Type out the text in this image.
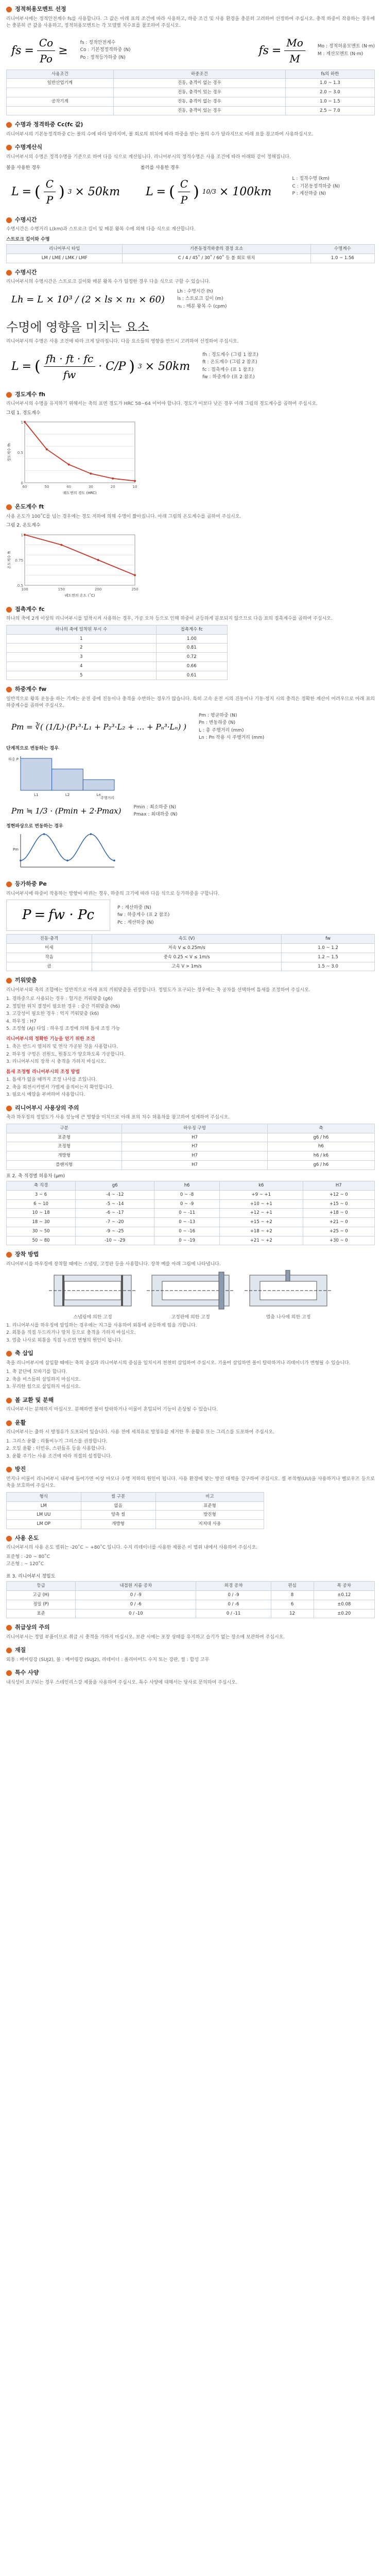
정적허용모멘트 선정
리니어부시에는 정적안전계수 fs를 사용합니다. 그 값은 아래 표의 조건에 따라 사용하고, 하중 조건 및 사용 환경을 충분히 고려하여 선정하여 주십시오. 충격 하중이 작용하는 경우에는 충분히 큰 값을 사용하고, 정적허용모멘트는 각 모델별 치수표를 참조하여 주십시오.
fs = $\frac{Co}{Po}$ ≥
fs : 정적안전계수
Co : 기본정정격하중 (N)
Po : 정적등가하중 (N)
fs = $\frac{Mo}{M}$	Mo : 정적허용모멘트 (N·m)
M : 계산모멘트 (N·m)
사용조건	하중조건	fs의 하한
일반산업기계	진동, 충격이 없는 경우	1.0 ~ 1.3
	진동, 충격이 있는 경우	2.0 ~ 3.0
공작기계	진동, 충격이 없는 경우	1.0 ~ 1.5
	진동, 충격이 있는 경우	2.5 ~ 7.0
수명과 정격하중 Cc(fc 값)
리니어부시의 기본동정격하중 C는 볼의 수에 따라 달라지며, 볼 회로의 위치에 따라 하중을 받는 볼의 수가 달라지므로 아래 표를 참고하여 사용하십시오.
수명계산식
리니어부시의 수명은 정격수명을 기준으로 하여 다음 식으로 계산됩니다. 리니어부시의 정격수명은 사용 조건에 따라 아래와 같이 정해집니다.
볼을 사용한 경우
L = ( $\frac{C}{P}$ ) 3 × 50km
롤러를 사용한 경우
L = ( $\frac{C}{P}$ ) 10/3 × 100km
L : 정격수명 (km)
C : 기본동정격하중 (N)
P : 계산하중 (N)
수명시간
수명시간은 수명거리 L(km)과 스트로크 길이 및 매분 왕복 수에 의해 다음 식으로 계산합니다.
스트로크 길이와 수명
리니어부시 타입	기본동정격하중의 결정 요소	수명계수
LM / LME / LMK / LMF	C / 4 / 45˚ / 30˚ / 60˚ 등 볼 회로 위치	1.0 ~ 1.56
수명시간
리니어부시의 수명시간은 스트로크 길이와 매분 왕복 수가 일정한 경우 다음 식으로 구할 수 있습니다.
Lh = L × 10³ / (2 × ls × n₁ × 60)
Lh : 수명시간 (h)
ls : 스트로크 길이 (m)
n₁ : 매분 왕복 수 (cpm)
수명에 영향을 미치는 요소
리니어부시의 수명은 사용 조건에 따라 크게 달라집니다. 다음 요소들의 영향을 반드시 고려하여 선정하여 주십시오.
L = ( $\frac{fh \cdot ft \cdot fc}{fw} \cdot C/P$ ) 3 × 50km
fh : 경도계수 (그림 1 참조)
ft : 온도계수 (그림 2 참조)
fc : 접촉계수 (표 1 참조)
fw : 하중계수 (표 2 참조)
경도계수 fh
리니어부시의 수명을 유지하기 위해서는 축의 표면 경도가 HRC 58~64 이어야 합니다. 경도가 이보다 낮은 경우 아래 그림의 경도계수를 곱하여 주십시오.
그림 1. 경도계수
60	50	40	30	20	10
0
0.5
1
궤도면의 경도 (HRC)
경도계수 fh
온도계수 ft
사용 온도가 100˚C를 넘는 경우에는 경도 저하에 의해 수명이 짧아집니다. 아래 그림의 온도계수를 곱하여 주십시오.
그림 2. 온도계수
100	150	200	250
0.5
0.75
1
궤도면의 온도 (˚C)
온도계수 ft
접촉계수 fc
하나의 축에 2개 이상의 리니어부시를 밀착시켜 사용하는 경우, 가공 오차 등으로 인해 하중이 균등하게 분포되지 않으므로 다음 표의 접촉계수를 곱하여 주십시오.
하나의 축에 밀착된 부시 수	접촉계수 fc
1	1.00
2	0.81
3	0.72
4	0.66
5	0.61
하중계수 fw
일반적으로 왕복 운동을 하는 기계는 운전 중에 진동이나 충격을 수반하는 경우가 많습니다. 특히 고속 운전 시의 진동이나 기동·정지 시의 충격은 정확한 계산이 어려우므로 아래 표의 하중계수를 곱하여 주십시오.
Pm = ∛( (1/L)·(P₁³·L₁ + P₂³·L₂ + … + Pₙ³·Lₙ) )
Pm : 평균하중 (N)
Pn : 변동하중 (N)
L : 총 주행거리 (mm)
Ln : Pn 작용 시 주행거리 (mm)
단계적으로 변동하는 경우
L1	L2	Ln
하중 P
주행거리
Pm ≒ 1/3 · (Pmin + 2·Pmax)	Pmin : 최소하중 (N)
Pmax : 최대하중 (N)
정현파상으로 변동하는 경우
Pm
등가하중 Pe
리니어부시에 하중이 작용하는 방향이 바뀌는 경우, 하중의 크기에 따라 다음 식으로 등가하중을 구합니다.
P = fw · Pc	P : 계산하중 (N)
fw : 하중계수 (표 2 참조)
Pc : 계산하중 (N)
진동·충격	속도 (V)	fw
미세	저속 V ≤ 0.25m/s	1.0 ~ 1.2
작음	중속 0.25 < V ≤ 1m/s	1.2 ~ 1.5
큼	고속 V > 1m/s	1.5 ~ 3.0
끼워맞춤
리니어부시와 축의 조합에는 일반적으로 아래 표의 끼워맞춤을 권장합니다. 정밀도가 요구되는 경우에는 축 공차를 선택하여 틈새를 조정하여 주십시오.
1. 경하중으로 사용되는 경우 : 헐거운 끼워맞춤 (g6)
2. 정밀한 위치 결정이 필요한 경우 : 중간 끼워맞춤 (h6)
3. 고강성이 필요한 경우 : 억지 끼워맞춤 (k6)
4. 하우징 : H7
5. 조정형 (AJ) 타입 : 하우징 조정에 의해 틈새 조정 가능
리니어부시의 정확한 기능을 얻기 위한 조건
1. 축은 반드시 열처리 및 연삭 가공된 것을 사용합니다.
2. 하우징 구멍은 진원도, 원통도가 양호하도록 가공합니다.
3. 리니어부시의 장착 시 충격을 가하지 마십시오.
틈새 조정형 리니어부시의 조정 방법
1. 틈새가 없을 때까지 조정 나사를 조입니다.
2. 축을 회전시키면서 가볍게 움직이는지 확인합니다.
3. 필요시 예압을 부여하여 사용합니다.
리니어부시 사용상의 주의
축과 하우징의 정밀도가 사용 성능에 큰 영향을 미치므로 아래 표의 치수 허용차를 참고하여 설계하여 주십시오.
구분	하우징 구멍	축
표준형	H7	g6 / h6
조정형	H7	h6
개방형	H7	h6 / k6
플랜지형	H7	g6 / h6
표 2. 축 직경별 허용차 (μm)
축 직경	g6	h6	k6	H7
3 ~ 6	-4 ~ -12	0 ~ -8	+9 ~ +1	+12 ~ 0
6 ~ 10	-5 ~ -14	0 ~ -9	+10 ~ +1	+15 ~ 0
10 ~ 18	-6 ~ -17	0 ~ -11	+12 ~ +1	+18 ~ 0
18 ~ 30	-7 ~ -20	0 ~ -13	+15 ~ +2	+21 ~ 0
30 ~ 50	-9 ~ -25	0 ~ -16	+18 ~ +2	+25 ~ 0
50 ~ 80	-10 ~ -29	0 ~ -19	+21 ~ +2	+30 ~ 0
장착 방법
리니어부시를 하우징에 장착할 때에는 스냅링, 고정판 등을 사용합니다. 장착 예를 아래 그림에 나타냅니다.
스냅링에 의한 고정	고정판에 의한 고정	멈춤 나사에 의한 고정
1. 리니어부시를 하우징에 압입하는 경우에는 지그를 사용하여 외통에 균등하게 힘을 가합니다.
2. 외통을 직접 두드리거나 망치 등으로 충격을 가하지 마십시오.
3. 멈춤 나사로 외통을 직접 누르면 변형의 원인이 됩니다.
축 삽입
축을 리니어부시에 삽입할 때에는 축의 중심과 리니어부시의 중심을 일치시켜 천천히 삽입하여 주십시오. 기울여 삽입하면 볼이 탈락하거나 리테이너가 변형될 수 있습니다.
1. 축 끝단에 모따기를 합니다.
2. 축을 비스듬히 삽입하지 마십시오.
3. 무리한 힘으로 삽입하지 마십시오.
볼 교환 및 분해
리니어부시는 분해하지 마십시오. 분해하면 볼이 탈락하거나 이물이 혼입되어 기능이 손상될 수 있습니다.
윤활
리니어부시는 출하 시 방청유가 도포되어 있습니다. 사용 전에 세척유로 방청유를 제거한 후 윤활유 또는 그리스를 도포하여 주십시오.
1. 그리스 윤활 : 리튬비누기 그리스를 권장합니다.
2. 오일 윤활 : 터빈유, 스핀들유 등을 사용합니다.
3. 윤활 주기는 사용 조건에 따라 적절히 설정합니다.
방진
먼지나 이물이 리니어부시 내부에 들어가면 이상 마모나 수명 저하의 원인이 됩니다. 사용 환경에 맞는 방진 대책을 강구하여 주십시오. 씰 부착형(UU)을 사용하거나 벨로우즈 등으로 축을 보호하여 주십시오.
형식	씰 구분	비고
LM	없음	표준형
LM UU	양측 씰	방진형
LM OP	개방형	지지대 사용
사용 온도
리니어부시의 사용 온도 범위는 -20˚C ~ +80˚C 입니다. 수지 리테이너를 사용한 제품은 이 범위 내에서 사용하여 주십시오.
표준형 : -20 ~ 80˚C
고온형 : ~ 120˚C
표 3. 리니어부시 정밀도
등급	내접원 지름 공차	외경 공차	편심	폭 공차
고급 (H)	0 / -9	0 / -9	8	±0.12
정밀 (P)	0 / -6	0 / -6	6	±0.08
표준	0 / -10	0 / -11	12	±0.20
취급상의 주의
리니어부시는 정밀 부품이므로 취급 시 충격을 가하지 마십시오. 보관 시에는 포장 상태를 유지하고 습기가 없는 장소에 보관하여 주십시오.
재질
외통 : 베어링강 (SUJ2), 볼 : 베어링강 (SUJ2), 리테이너 : 폴리아미드 수지 또는 강판, 씰 : 합성 고무
특수 사양
내식성이 요구되는 경우 스테인리스강 제품을 사용하여 주십시오. 특수 사양에 대해서는 당사로 문의하여 주십시오.
